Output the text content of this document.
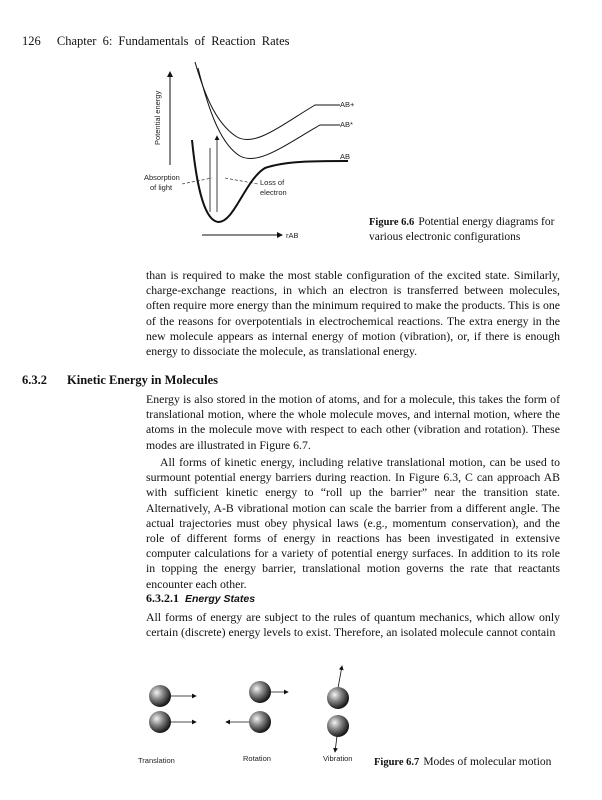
126 Chapter 6: Fundamentals of Reaction Rates
Potential energy	AB+
AB*
AB
Absorption
of light
Loss of
electron
rAB
Figure 6.6 Potential energy diagrams for various electronic configurations
than is required to make the most stable configuration of the excited state. Similarly, charge-exchange reactions, in which an electron is transferred between molecules, often require more energy than the minimum required to make the products. This is one of the reasons for overpotentials in electrochemical reactions. The extra energy in the new molecule appears as internal energy of motion (vibration), or, if there is enough energy to dissociate the molecule, as translational energy.
6.3.2 Kinetic Energy in Molecules
Energy is also stored in the motion of atoms, and for a molecule, this takes the form of translational motion, where the whole molecule moves, and internal motion, where the atoms in the molecule move with respect to each other (vibration and rotation). These modes are illustrated in Figure 6.7.
All forms of kinetic energy, including relative translational motion, can be used to surmount potential energy barriers during reaction. In Figure 6.3, C can approach AB with sufficient kinetic energy to “roll up the barrier” near the transition state. Alternatively, A-B vibrational motion can scale the barrier from a different angle. The actual trajectories must obey physical laws (e.g., momentum conservation), and the role of different forms of energy in reactions has been investigated in extensive computer calculations for a variety of potential energy surfaces. In addition to its role in topping the energy barrier, translational motion governs the rate that reactants encounter each other.
6.3.2.1 Energy States
All forms of energy are subject to the rules of quantum mechanics, which allow only certain (discrete) energy levels to exist. Therefore, an isolated molecule cannot contain
Translation	Rotation	Vibration Figure 6.7 Modes of molecular motion
